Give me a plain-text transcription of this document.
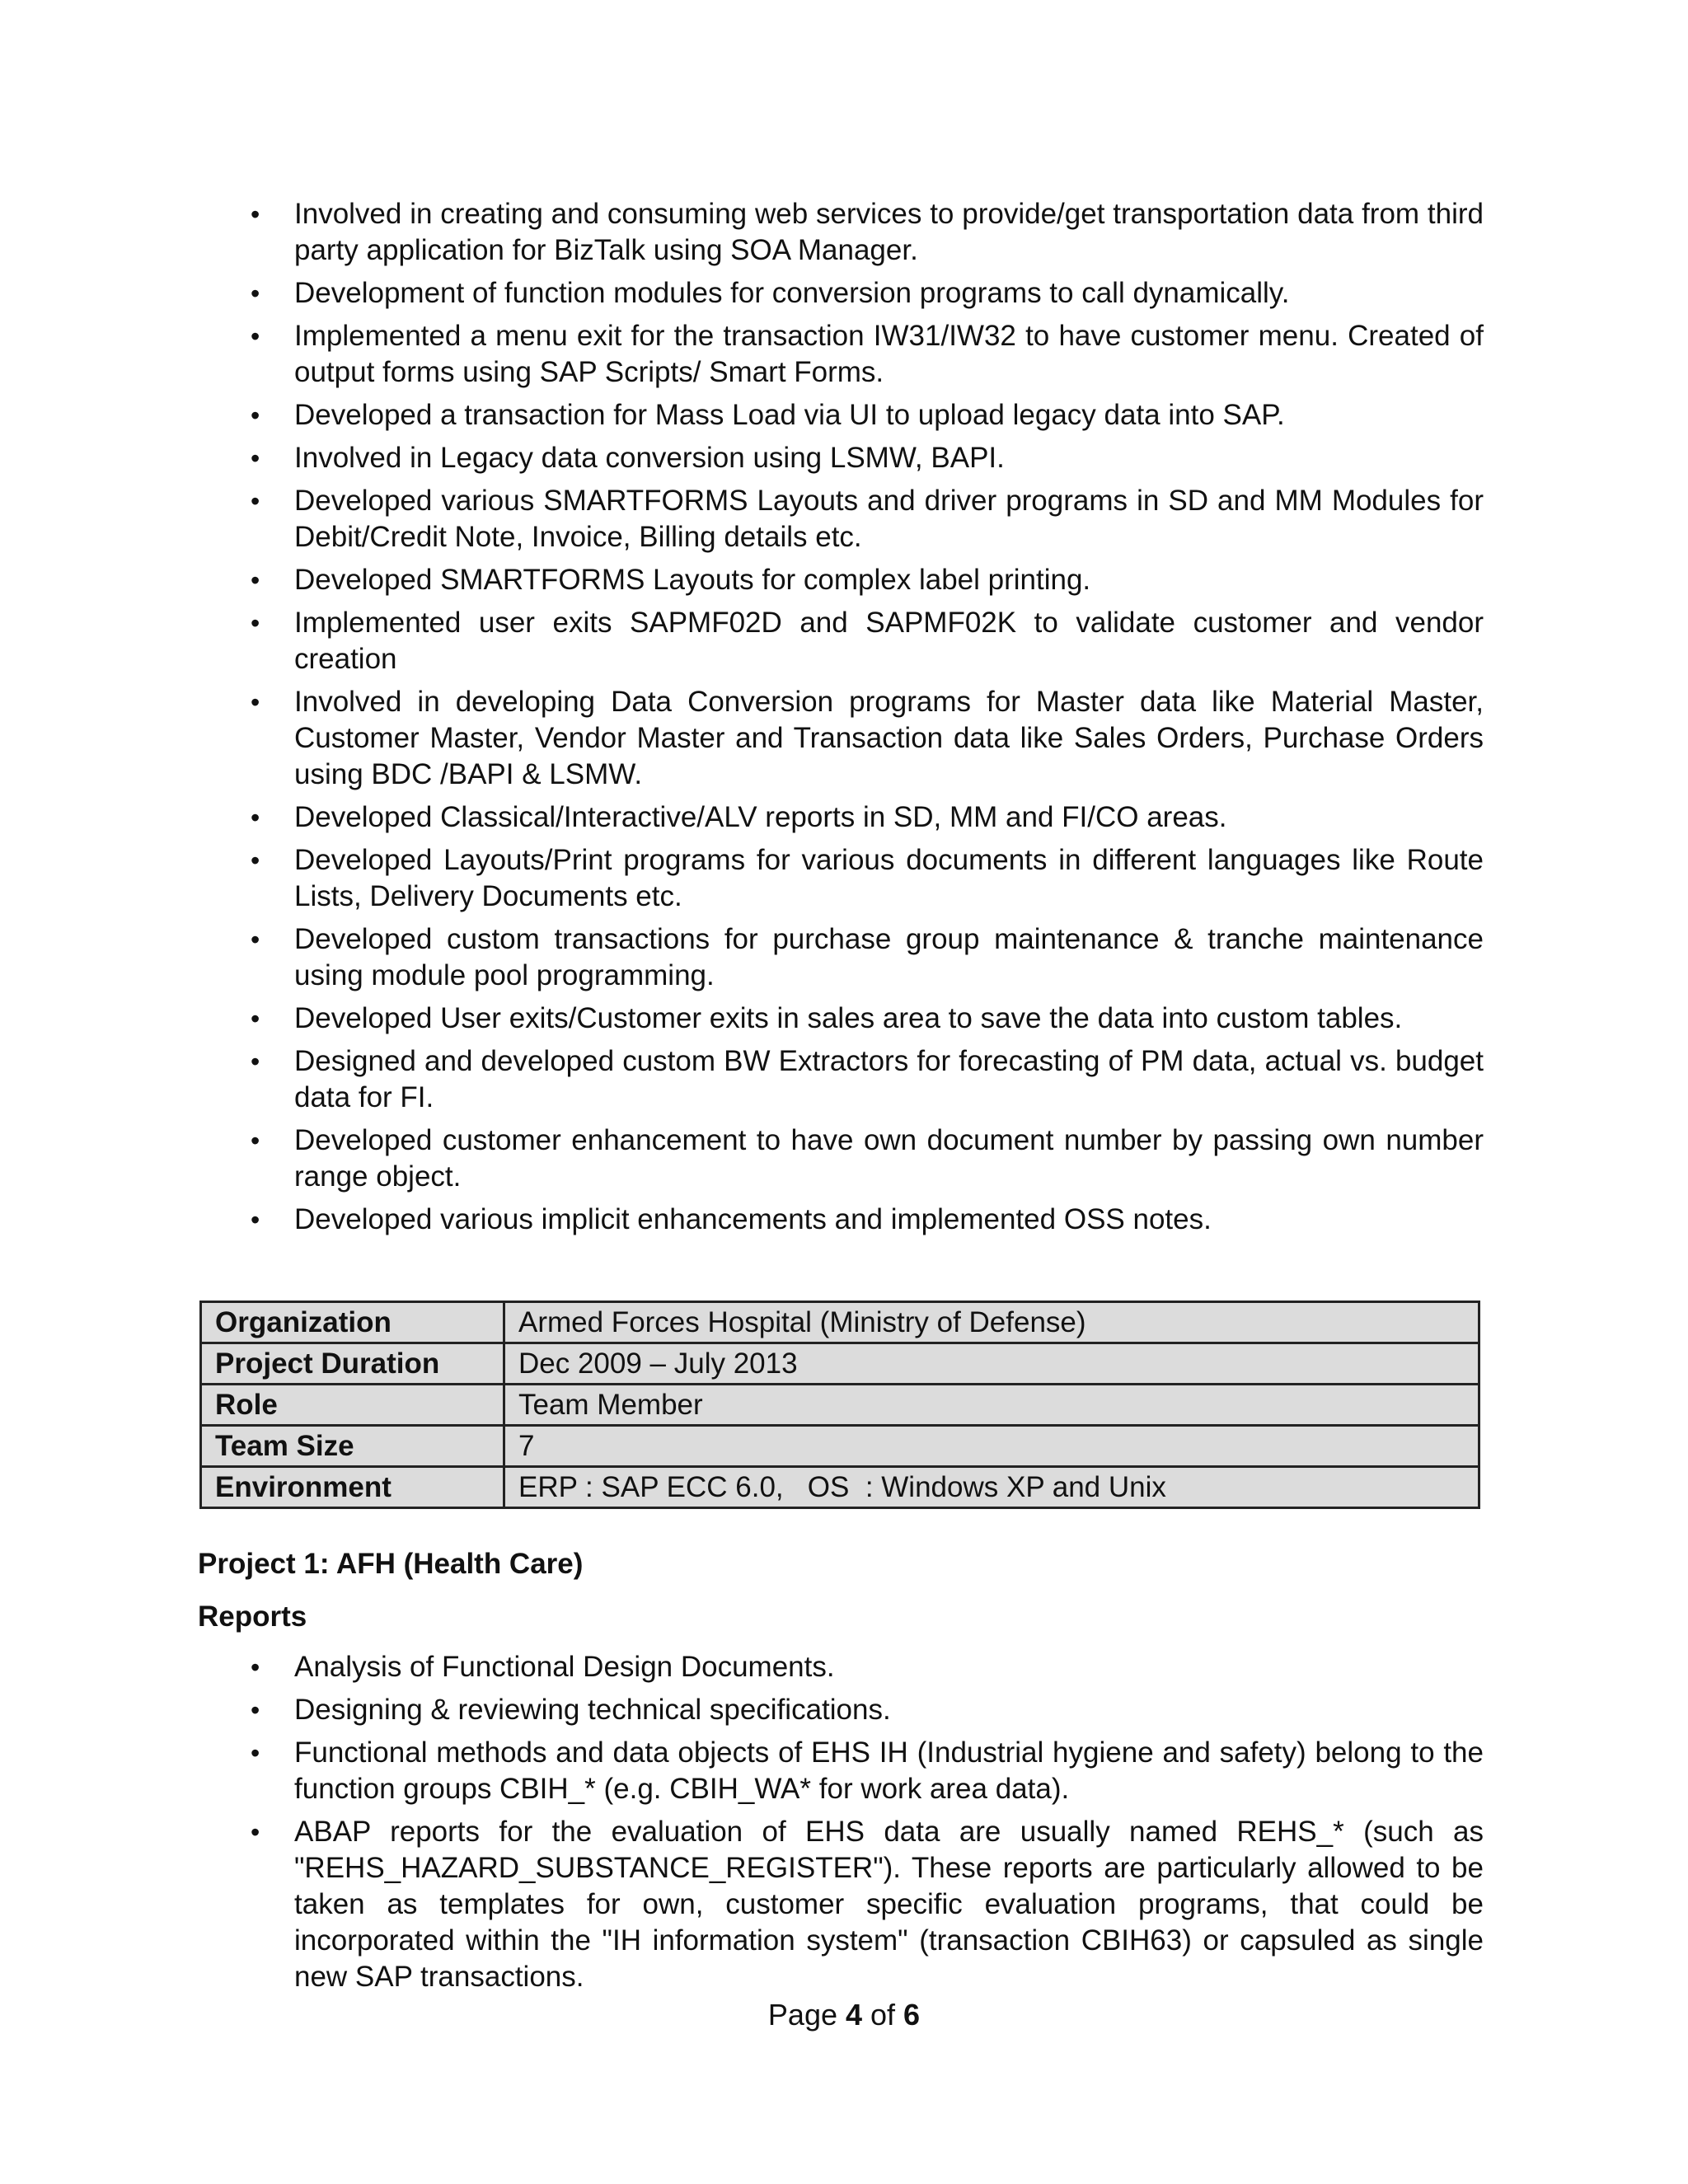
• Involved in creating and consuming web services to provide/get transportation data from third party application for BizTalk using SOA Manager.
• Development of function modules for conversion programs to call dynamically.
• Implemented a menu exit for the transaction IW31/IW32 to have customer menu. Created of output forms using SAP Scripts/ Smart Forms.
• Developed a transaction for Mass Load via UI to upload legacy data into SAP.
• Involved in Legacy data conversion using LSMW, BAPI.
• Developed various SMARTFORMS Layouts and driver programs in SD and MM Modules for Debit/Credit Note, Invoice, Billing details etc.
• Developed SMARTFORMS Layouts for complex label printing.
• Implemented user exits SAPMF02D and SAPMF02K to validate customer and vendor creation
• Involved in developing Data Conversion programs for Master data like Material Master, Customer Master, Vendor Master and Transaction data like Sales Orders, Purchase Orders using BDC /BAPI & LSMW.
• Developed Classical/Interactive/ALV reports in SD, MM and FI/CO areas.
• Developed Layouts/Print programs for various documents in different languages like Route Lists, Delivery Documents etc.
• Developed custom transactions for purchase group maintenance & tranche maintenance using module pool programming.
• Developed User exits/Customer exits in sales area to save the data into custom tables.
• Designed and developed custom BW Extractors for forecasting of PM data, actual vs. budget data for FI.
• Developed customer enhancement to have own document number by passing own number range object.
• Developed various implicit enhancements and implemented OSS notes.
Organization	Armed Forces Hospital (Ministry of Defense)
Project Duration	Dec 2009 – July 2013
Role	Team Member
Team Size	7
Environment	ERP : SAP ECC 6.0,   OS  : Windows XP and Unix
Project 1: AFH (Health Care)
Reports
• Analysis of Functional Design Documents.
• Designing & reviewing technical specifications.
• Functional methods and data objects of EHS IH (Industrial hygiene and safety) belong to the function groups CBIH_* (e.g. CBIH_WA* for work area data).
• ABAP reports for the evaluation of EHS data are usually named REHS_* (such as "REHS_HAZARD_SUBSTANCE_REGISTER"). These reports are particularly allowed to be taken as templates for own, customer specific evaluation programs, that could be incorporated within the "IH information system" (transaction CBIH63) or capsuled as single new SAP transactions.
Page 4 of 6
